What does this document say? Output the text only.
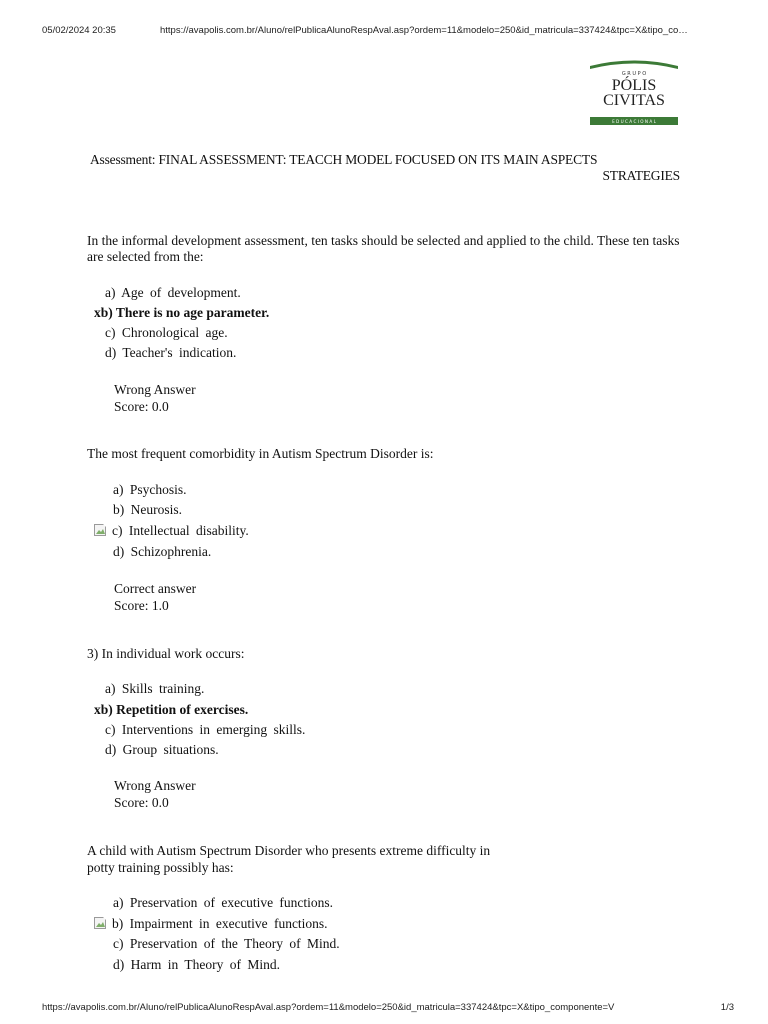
05/02/2024 20:35	https://avapolis.com.br/Aluno/relPublicaAlunoRespAval.asp?ordem=11&modelo=250&id_matricula=337424&tpc=X&tipo_co…
G R U P O
PÓLIS
CIVITAS
E D U C A C I O N A L
Assessment: FINAL ASSESSMENT: TEACCH MODEL FOCUSED ON ITS MAIN ASPECTS
STRATEGIES
In the informal development assessment, ten tasks should be selected and applied to the child. These ten tasks are selected from the:
a) Age of development.
xb) There is no age parameter.
c) Chronological age.
d) Teacher's indication.
Wrong Answer
Score: 0.0
The most frequent comorbidity in Autism Spectrum Disorder is:
a) Psychosis.
b) Neurosis.
c) Intellectual disability.
d) Schizophrenia.
Correct answer
Score: 1.0
3) In individual work occurs:
a) Skills training.
xb) Repetition of exercises.
c) Interventions in emerging skills.
d) Group situations.
Wrong Answer
Score: 0.0
A child with Autism Spectrum Disorder who presents extreme difficulty in
potty training possibly has:
a) Preservation of executive functions.
b) Impairment in executive functions.
c) Preservation of the Theory of Mind.
d) Harm in Theory of Mind.
https://avapolis.com.br/Aluno/relPublicaAlunoRespAval.asp?ordem=11&modelo=250&id_matricula=337424&tpc=X&tipo_componente=V	1/3
